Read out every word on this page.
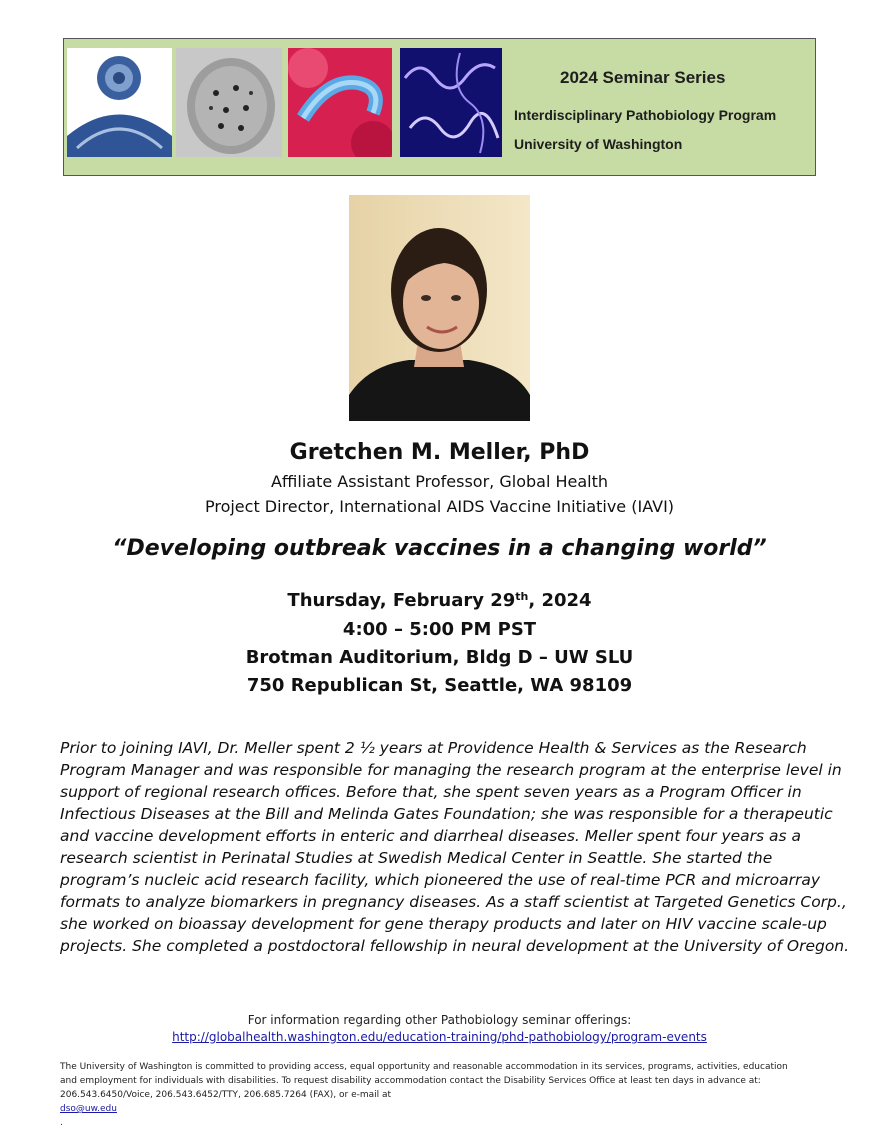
2024 Seminar Series
Interdisciplinary Pathobiology Program
University of Washington
Gretchen M. Meller, PhD
Affiliate Assistant Professor, Global Health
Project Director, International AIDS Vaccine Initiative (IAVI)
“Developing outbreak vaccines in a changing world”
Thursday, February 29th, 2024
4:00 – 5:00 PM PST
Brotman Auditorium, Bldg D – UW SLU
750 Republican St, Seattle, WA 98109
Prior to joining IAVI, Dr. Meller spent 2 ½ years at Providence Health & Services as the Research
Program Manager and was responsible for managing the research program at the enterprise level in
support of regional research offices. Before that, she spent seven years as a Program Officer in
Infectious Diseases at the Bill and Melinda Gates Foundation; she was responsible for a therapeutic
and vaccine development efforts in enteric and diarrheal diseases. Meller spent four years as a
research scientist in Perinatal Studies at Swedish Medical Center in Seattle. She started the
program’s nucleic acid research facility, which pioneered the use of real-time PCR and microarray
formats to analyze biomarkers in pregnancy diseases. As a staff scientist at Targeted Genetics Corp.,
she worked on bioassay development for gene therapy products and later on HIV vaccine scale-up
projects. She completed a postdoctoral fellowship in neural development at the University of Oregon.
For information regarding other Pathobiology seminar offerings:
http://globalhealth.washington.edu/education-training/phd-pathobiology/program-events
The University of Washington is committed to providing access, equal opportunity and reasonable accommodation in its services, programs, activities, education
and employment for individuals with disabilities. To request disability accommodation contact the Disability Services Office at least ten days in advance at:
206.543.6450/Voice, 206.543.6452/TTY, 206.685.7264 (FAX), or e-mail at
dso@uw.edu
.
